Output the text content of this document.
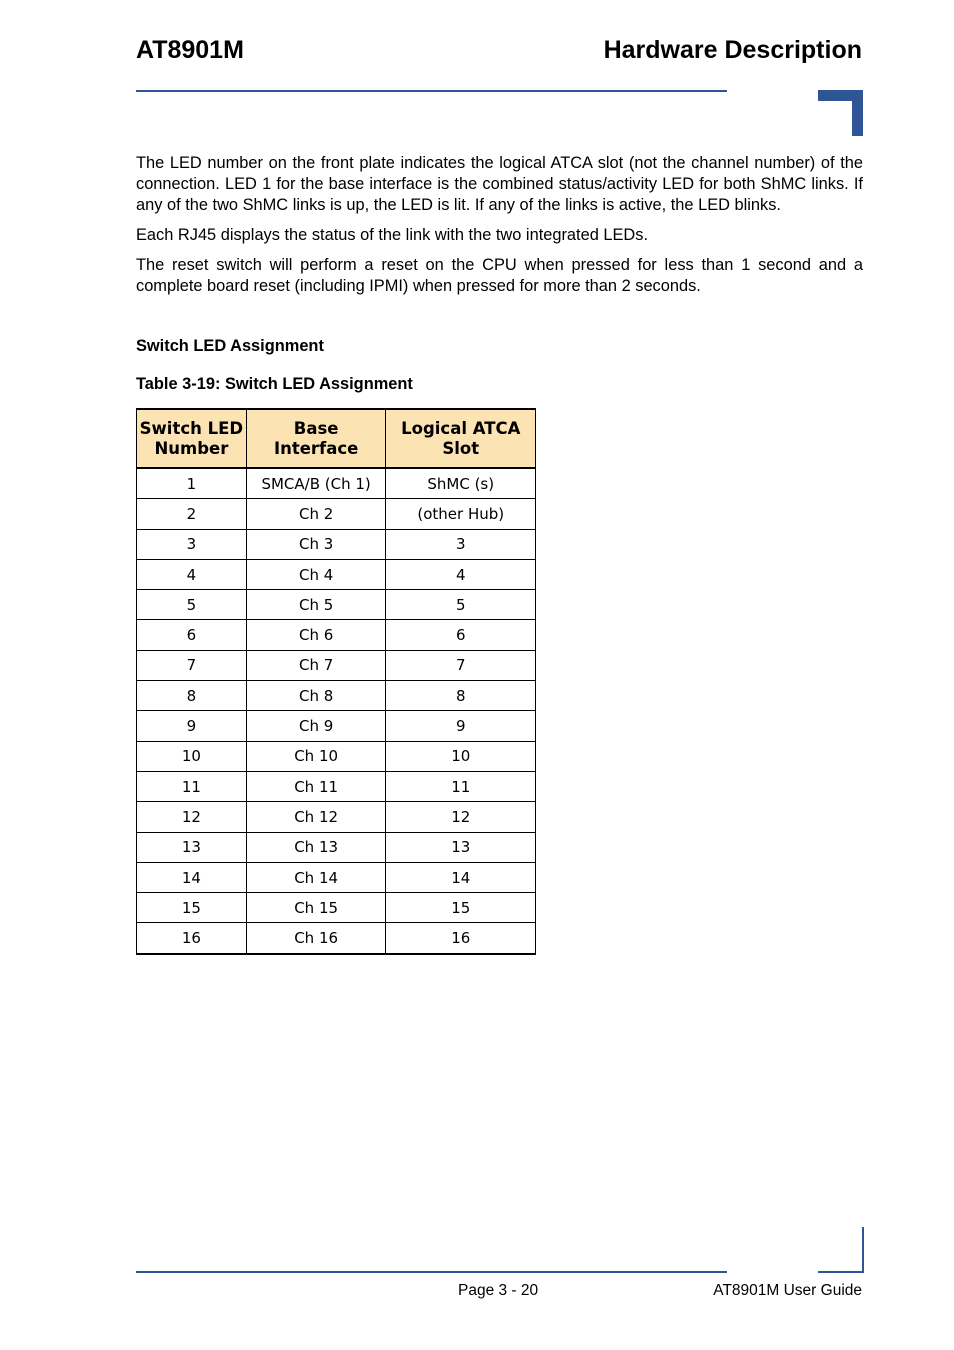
AT8901M	Hardware Description

The LED number on the front plate indicates the logical ATCA slot (not the channel number) of the connection. LED 1 for the base interface is the combined status/activity LED for both ShMC links. If any of the two ShMC links is up, the LED is lit. If any of the links is active, the LED blinks.

Each RJ45 displays the status of the link with the two integrated LEDs.

The reset switch will perform a reset on the CPU when pressed for less than 1 second and a complete board reset (including IPMI) when pressed for more than 2 seconds.

Switch LED Assignment
Table 3-19: Switch LED Assignment
Switch LED Number	Base Interface	Logical ATCA Slot
1	SMCA/B (Ch 1)	ShMC (s)
2	Ch 2	(other Hub)
3	Ch 3	3
4	Ch 4	4
5	Ch 5	5
6	Ch 6	6
7	Ch 7	7
8	Ch 8	8
9	Ch 9	9
10	Ch 10	10
11	Ch 11	11
12	Ch 12	12
13	Ch 13	13
14	Ch 14	14
15	Ch 15	15
16	Ch 16	16
Page 3 - 20	AT8901M User Guide
